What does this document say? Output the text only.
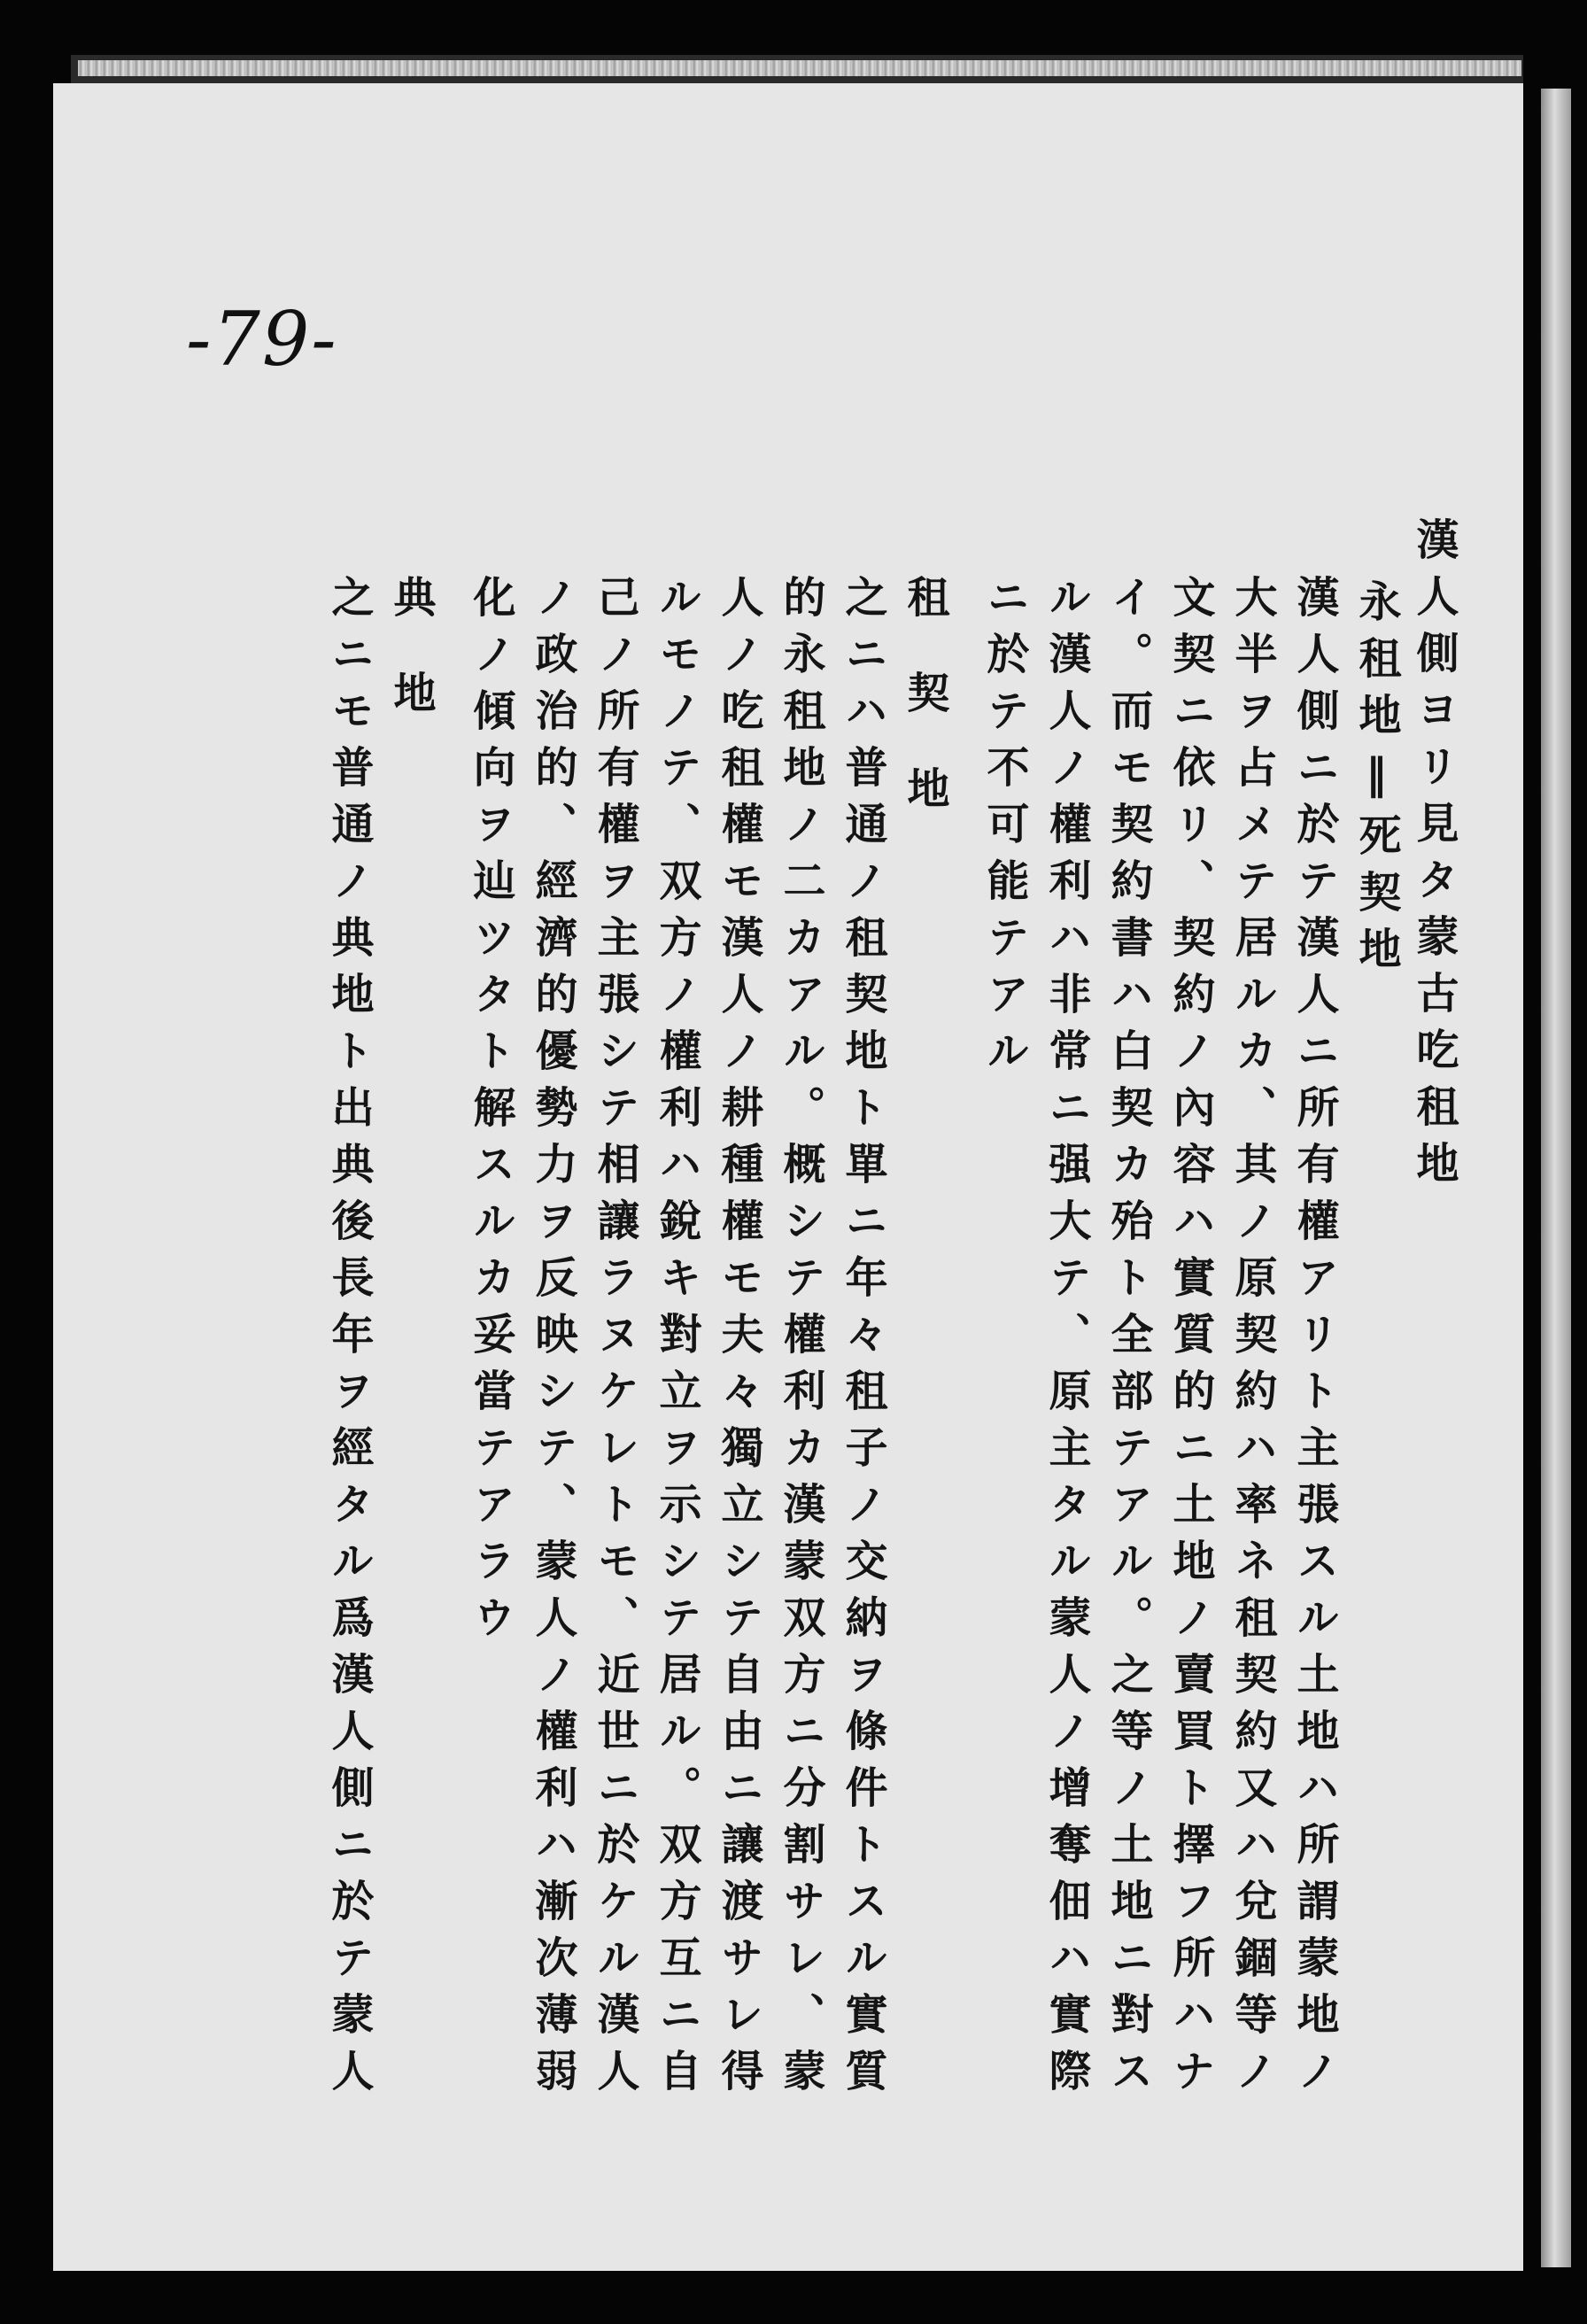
-79-
漢人側ヨリ見タ蒙古吃租地
永租地‖死契地
漢人側ニ於テ漢人ニ所有權アリト主張スル土地ハ所謂蒙地ノ
大半ヲ占メテ居ルカ、其ノ原契約ハ率ネ租契約又ハ兌錮等ノ
文契ニ依リ、契約ノ內容ハ實質的ニ土地ノ賣買ト擇フ所ハナ
イ。而モ契約書ハ白契カ殆ト全部テアル。之等ノ土地ニ對ス
ル漢人ノ權利ハ非常ニ强大テ、原主タル蒙人ノ增奪佃ハ實際
ニ於テ不可能テアル
租契地
之ニハ普通ノ租契地ト單ニ年々租子ノ交納ヲ條件トスル實質
的永租地ノ二カアル。概シテ權利カ漢蒙双方ニ分割サレ、蒙
人ノ吃租權モ漢人ノ耕種權モ夫々獨立シテ自由ニ讓渡サレ得
ルモノテ、双方ノ權利ハ銳キ對立ヲ示シテ居ル。双方互ニ自
己ノ所有權ヲ主張シテ相讓ラヌケレトモ、近世ニ於ケル漢人
ノ政治的、經濟的優勢力ヲ反映シテ、蒙人ノ權利ハ漸次薄弱
化ノ傾向ヲ辿ツタト解スルカ妥當テアラウ
典地
之ニモ普通ノ典地ト出典後長年ヲ經タル爲漢人側ニ於テ蒙人
